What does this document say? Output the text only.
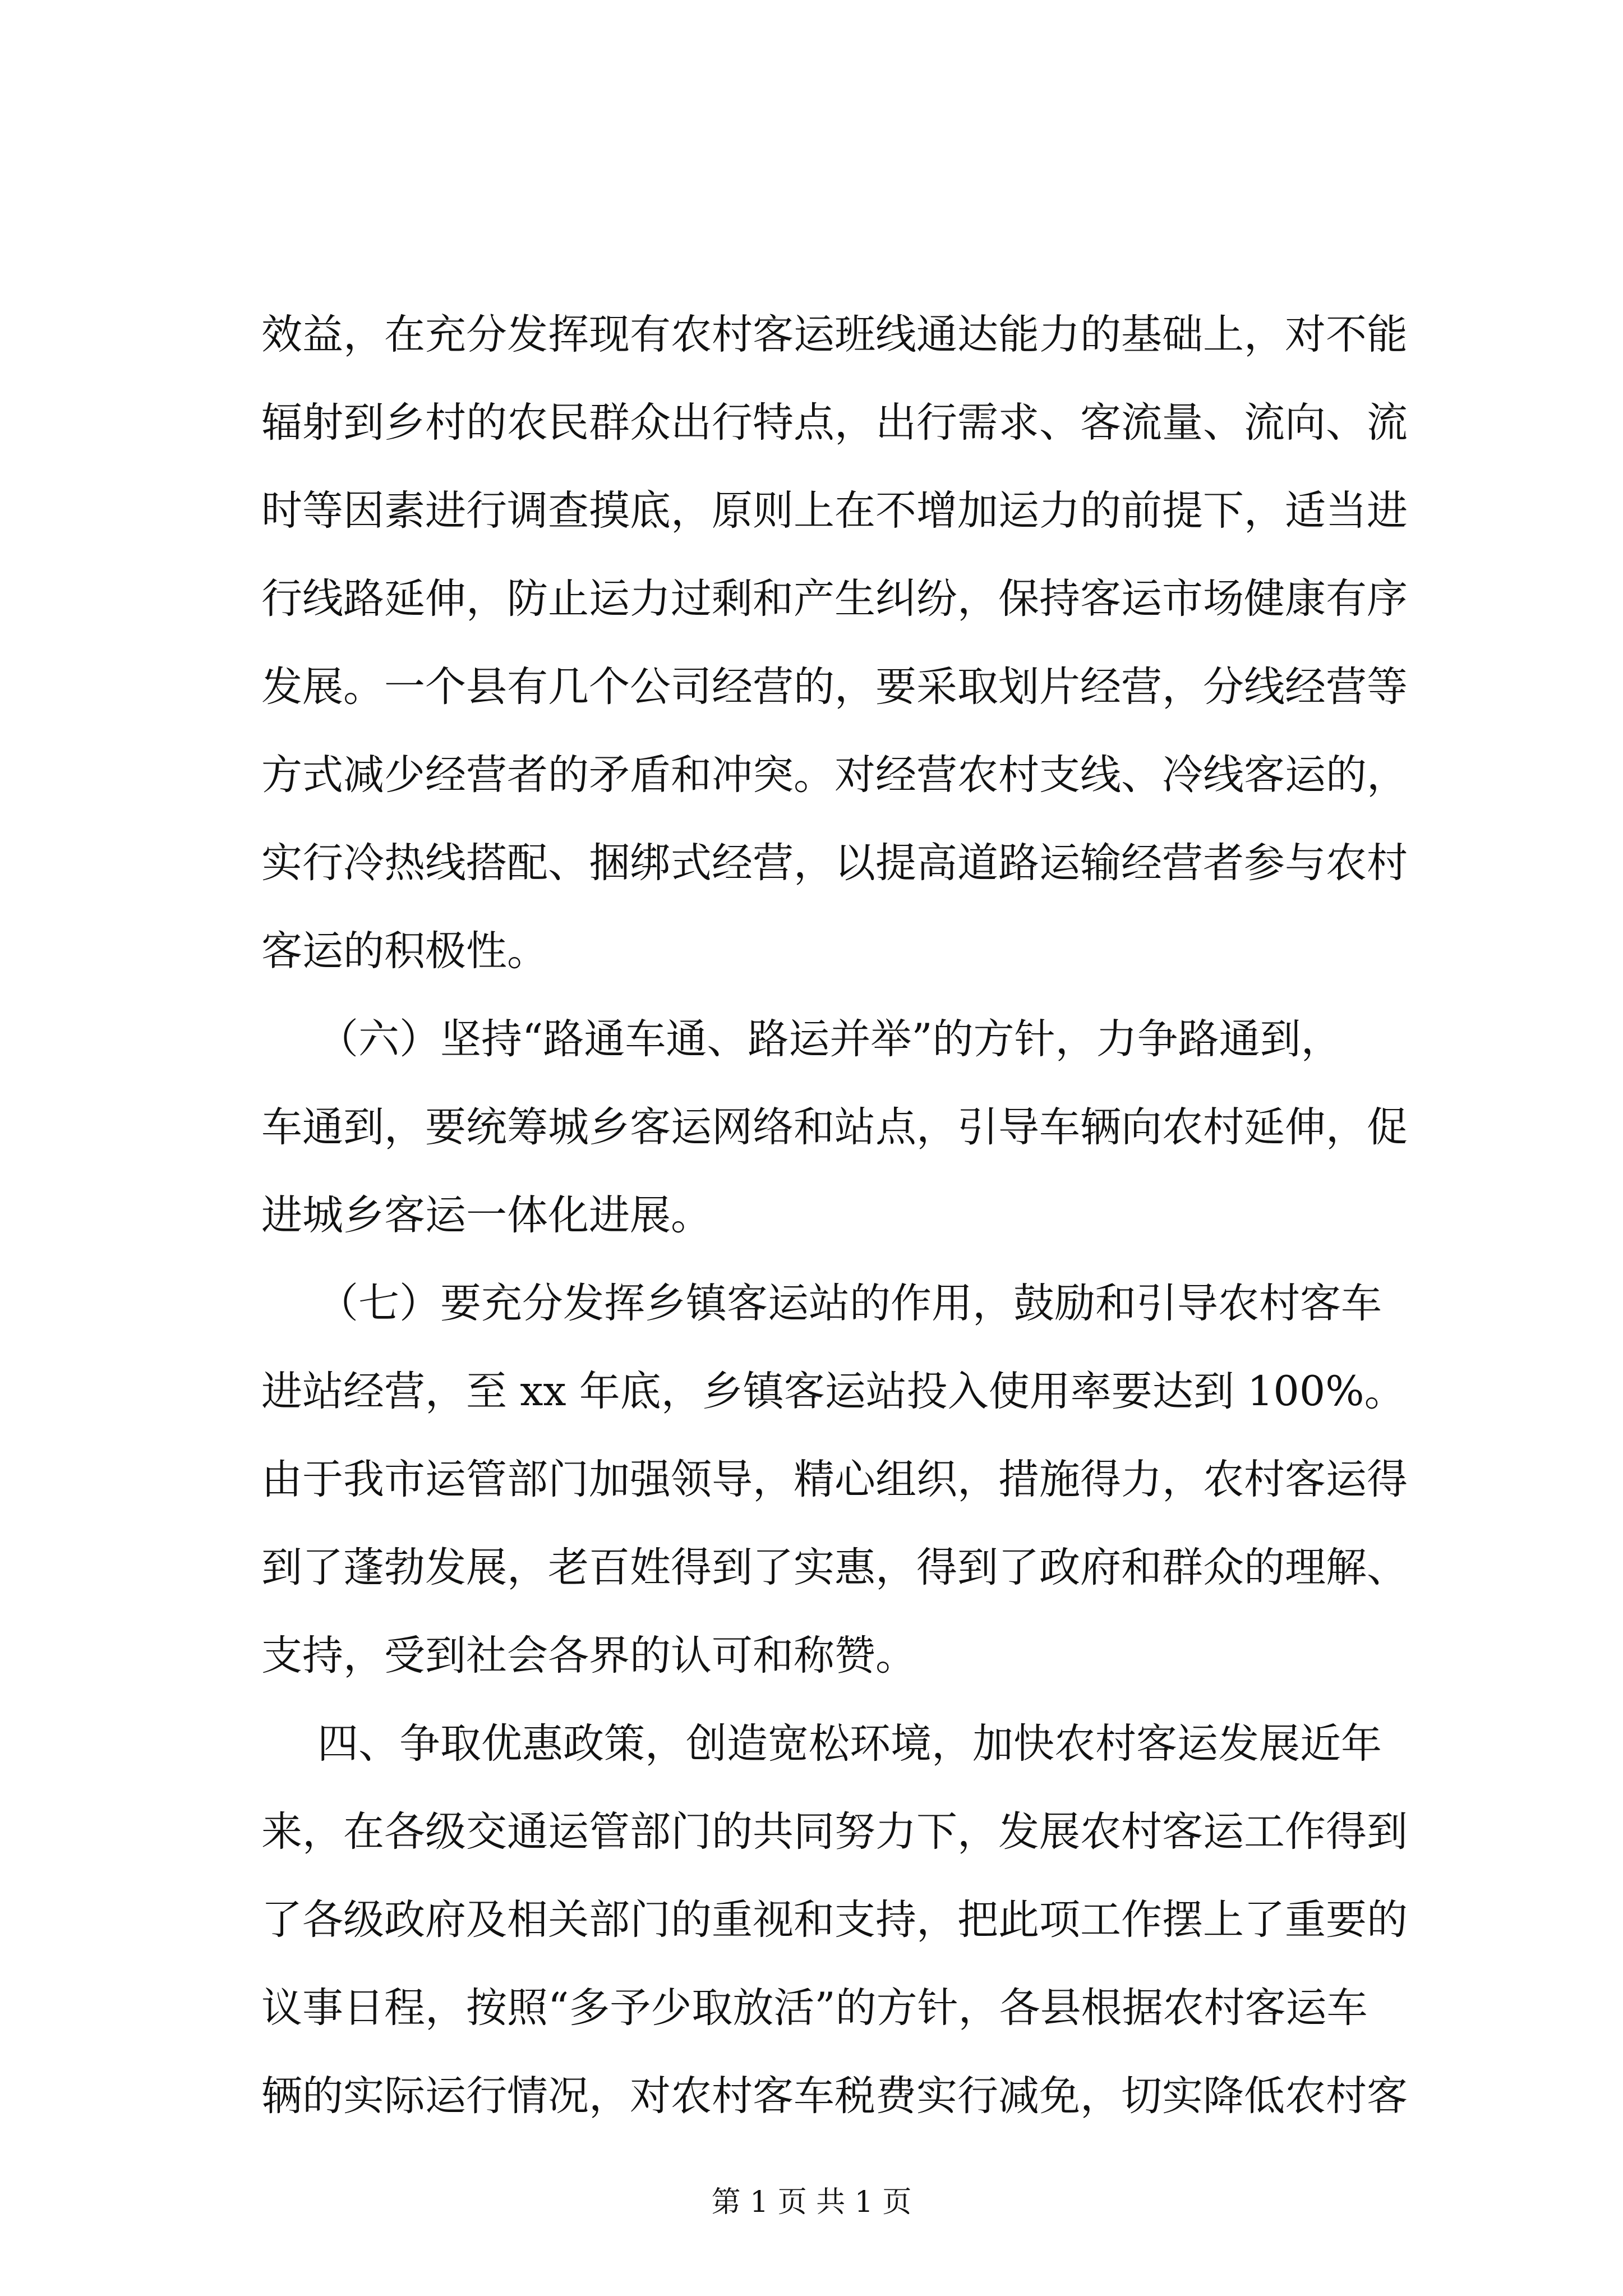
效益，在充分发挥现有农村客运班线通达能力的基础上，对不能
辐射到乡村的农民群众出行特点，出行需求、客流量、流向、流
时等因素进行调查摸底，原则上在不增加运力的前提下，适当进
行线路延伸，防止运力过剩和产生纠纷，保持客运市场健康有序
发展。一个县有几个公司经营的，要采取划片经营，分线经营等
方式减少经营者的矛盾和冲突。对经营农村支线、冷线客运的，
实行冷热线搭配、捆绑式经营，以提高道路运输经营者参与农村
客运的积极性。
（六）坚持“路通车通、路运并举”的方针，力争路通到，
车通到，要统筹城乡客运网络和站点，引导车辆向农村延伸，促
进城乡客运一体化进展。
（七）要充分发挥乡镇客运站的作用，鼓励和引导农村客车
进站经营，至 xx 年底，乡镇客运站投入使用率要达到 100%。
由于我市运管部门加强领导，精心组织，措施得力，农村客运得
到了蓬勃发展，老百姓得到了实惠，得到了政府和群众的理解、
支持，受到社会各界的认可和称赞。
四、争取优惠政策，创造宽松环境，加快农村客运发展近年
来，在各级交通运管部门的共同努力下，发展农村客运工作得到
了各级政府及相关部门的重视和支持，把此项工作摆上了重要的
议事日程，按照“多予少取放活”的方针，各县根据农村客运车
辆的实际运行情况，对农村客车税费实行减免，切实降低农村客
第 1 页 共 1 页
